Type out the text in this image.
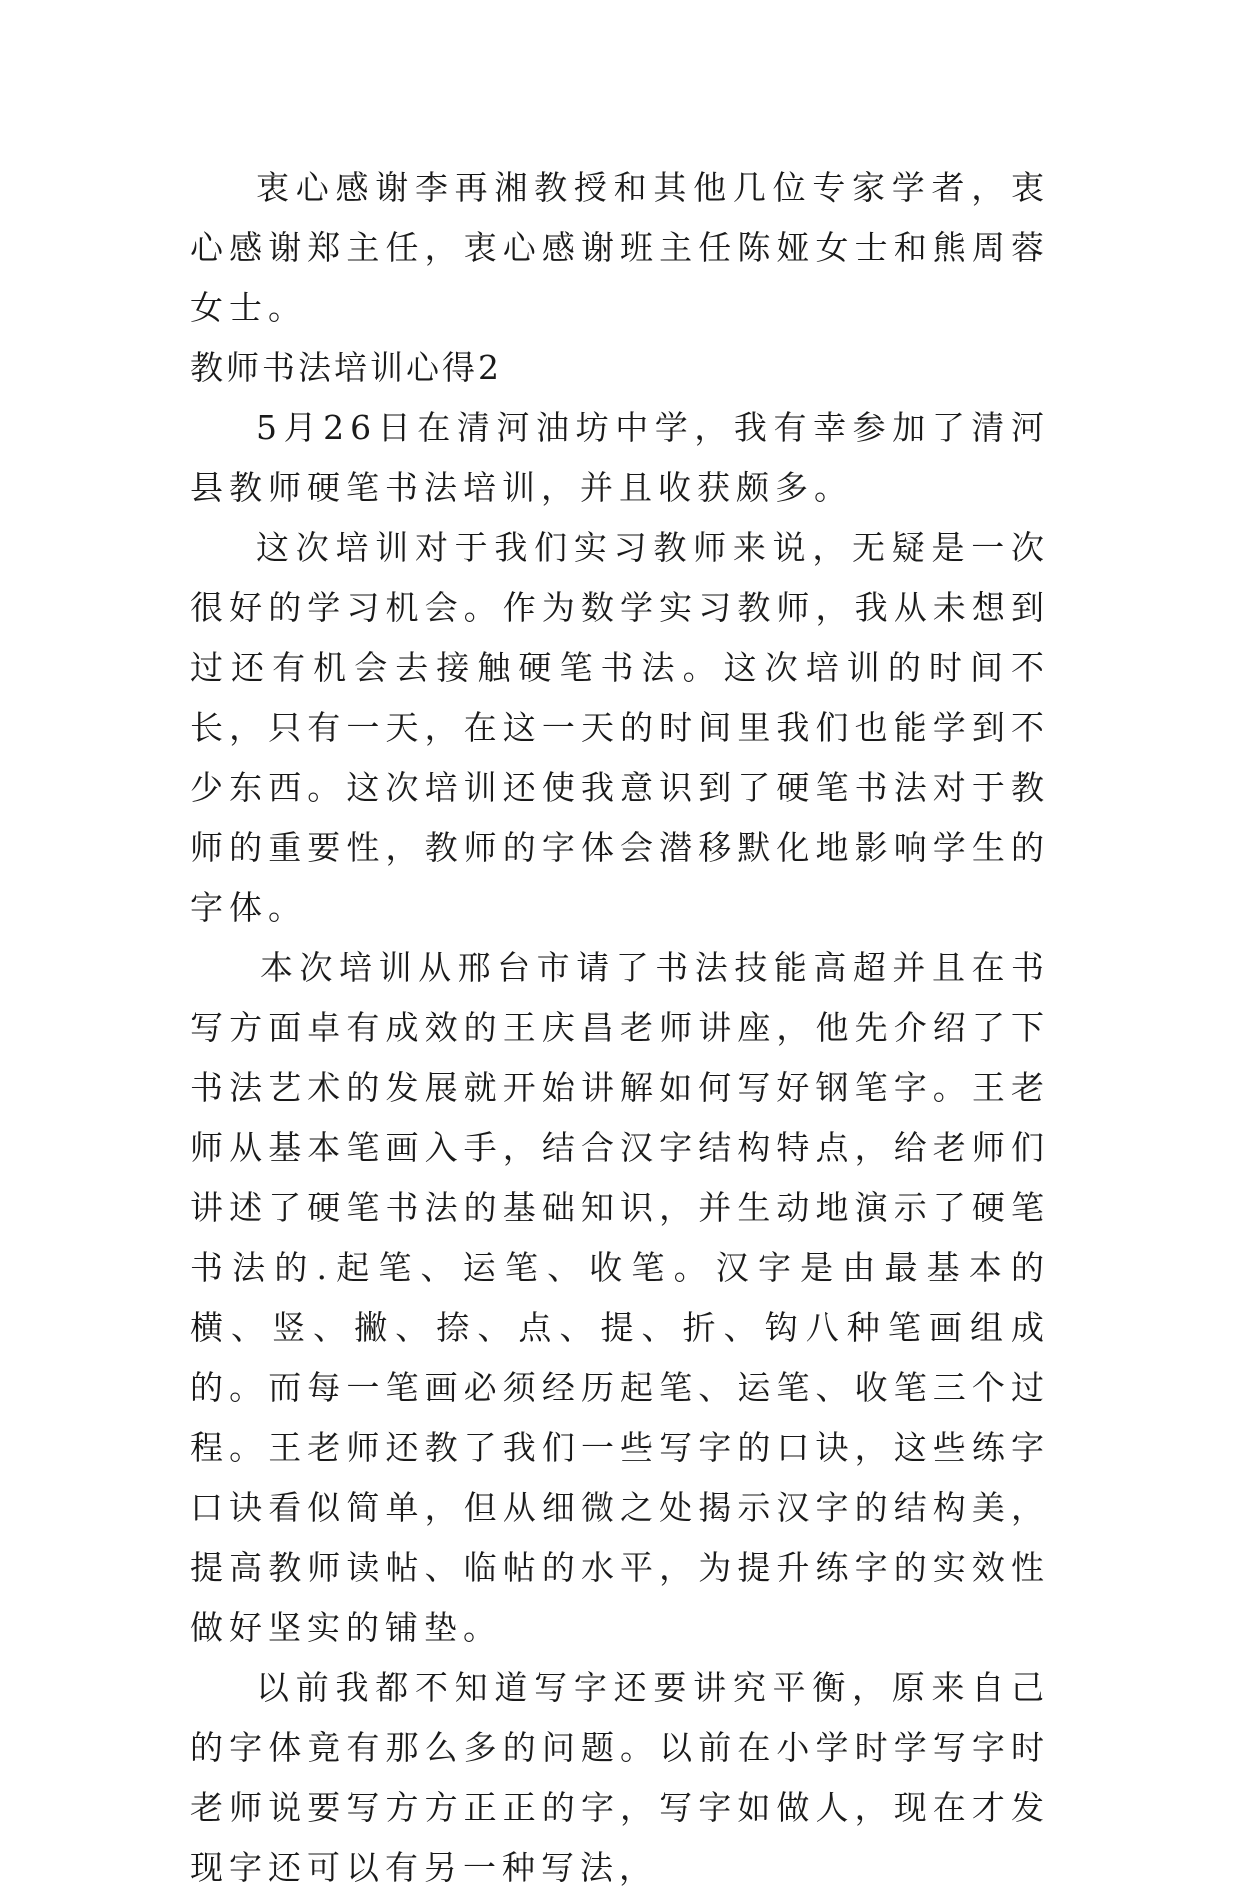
衷心感谢李再湘教授和其他几位专家学者，衷心感谢郑主任，衷心感谢班主任陈娅女士和熊周蓉女士。

教师书法培训心得2

5月26日在清河油坊中学，我有幸参加了清河县教师硬笔书法培训，并且收获颇多。

这次培训对于我们实习教师来说，无疑是一次很好的学习机会。作为数学实习教师，我从未想到过还有机会去接触硬笔书法。这次培训的时间不长，只有一天，在这一天的时间里我们也能学到不少东西。这次培训还使我意识到了硬笔书法对于教师的重要性，教师的字体会潜移默化地影响学生的字体。

本次培训从邢台市请了书法技能高超并且在书写方面卓有成效的王庆昌老师讲座，他先介绍了下书法艺术的发展就开始讲解如何写好钢笔字。王老师从基本笔画入手，结合汉字结构特点，给老师们讲述了硬笔书法的基础知识，并生动地演示了硬笔书法的.起笔、运笔、收笔。汉字是由最基本的横、竖、撇、捺、点、提、折、钩八种笔画组成的。而每一笔画必须经历起笔、运笔、收笔三个过程。王老师还教了我们一些写字的口诀，这些练字口诀看似简单，但从细微之处揭示汉字的结构美，提高教师读帖、临帖的水平，为提升练字的实效性做好坚实的铺垫。

以前我都不知道写字还要讲究平衡，原来自己的字体竟有那么多的问题。以前在小学时学写字时老师说要写方方正正的字，写字如做人，现在才发现字还可以有另一种写法，
